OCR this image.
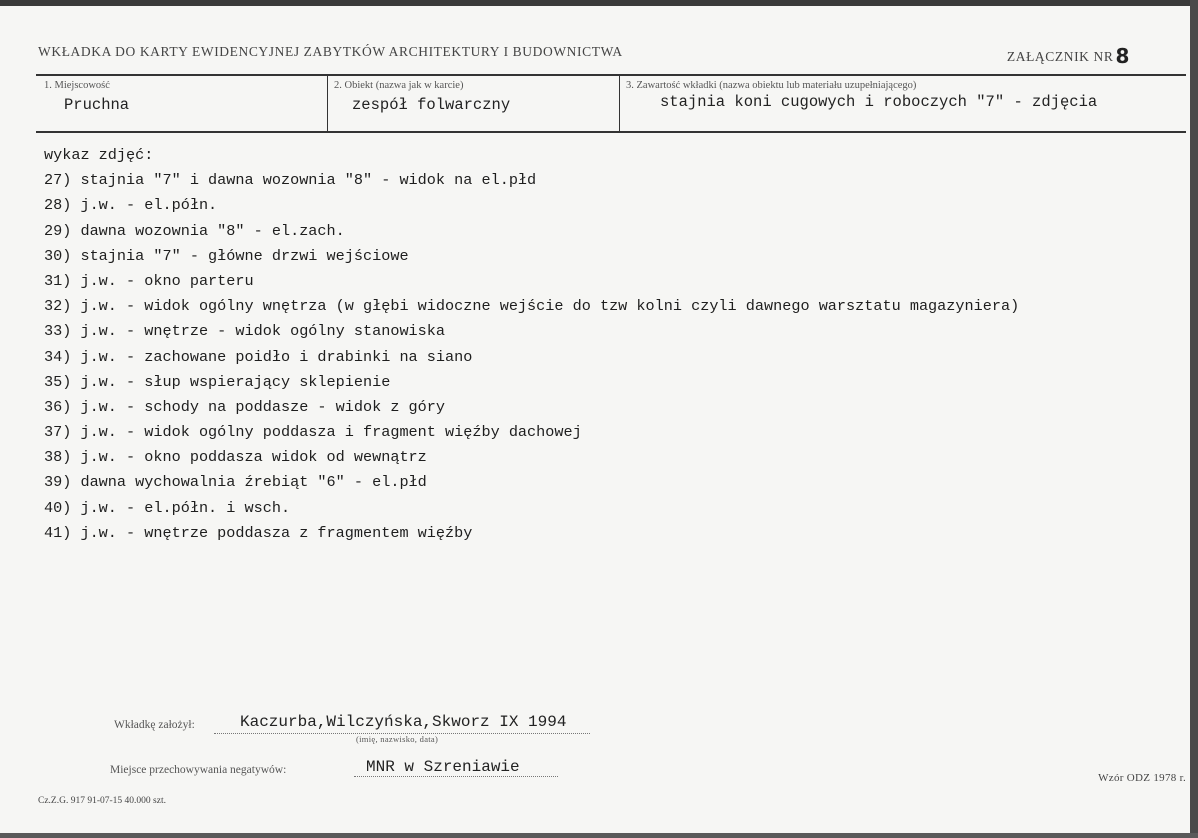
WKŁADKA DO KARTY EWIDENCYJNEJ ZABYTKÓW ARCHITEKTURY I BUDOWNICTWA	ZAŁĄCZNIK NR 8
1. Miejscowość
Pruchna
2. Obiekt (nazwa jak w karcie)
zespół folwarczny
3. Zawartość wkładki (nazwa obiektu lub materiału uzupełniającego)
stajnia koni cugowych i roboczych "7" - zdjęcia
wykaz zdjęć:
27) stajnia "7" i dawna wozownia "8" - widok na el.płd
28) j.w. - el.półn.
29) dawna wozownia "8" - el.zach.
30) stajnia "7" - główne drzwi wejściowe
31) j.w. - okno parteru
32) j.w. - widok ogólny wnętrza (w głębi widoczne wejście do tzw kolni czyli dawnego warsztatu magazyniera)
33) j.w. - wnętrze - widok ogólny stanowiska
34) j.w. - zachowane poidło i drabinki na siano
35) j.w. - słup wspierający sklepienie
36) j.w. - schody na poddasze - widok z góry
37) j.w. - widok ogólny poddasza i fragment więźby dachowej
38) j.w. - okno poddasza widok od wewnątrz
39) dawna wychowalnia źrebiąt "6" - el.płd
40) j.w. - el.półn. i wsch.
41) j.w. - wnętrze poddasza z fragmentem więźby
Wkładkę założył:	Kaczurba,Wilczyńska,Skworz IX 1994
(imię, nazwisko, data)
Miejsce przechowywania negatywów:	MNR w Szreniawie
Wzór ODZ 1978 r.
Cz.Z.G. 917 91-07-15 40.000 szt.
